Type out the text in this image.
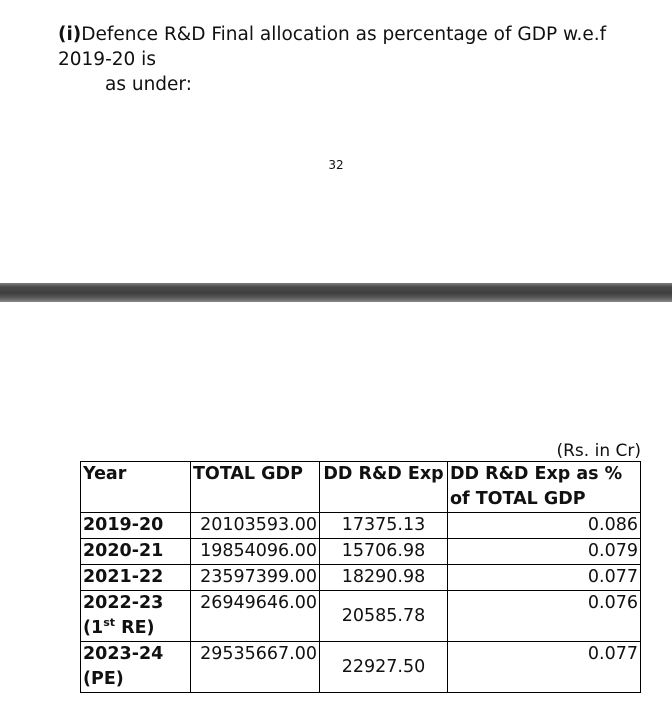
(i)Defence R&D Final allocation as percentage of GDP w.e.f 2019-20 is
as under:
32
(Rs. in Cr)
Year	TOTAL GDP	DD R&D Exp	DD R&D Exp as %
of TOTAL GDP
2019-20	20103593.00	17375.13	0.086
2020-21	19854096.00	15706.98	0.079
2021-22	23597399.00	18290.98	0.077
2022-23
(1st RE)	26949646.00	20585.78	0.076
2023-24
(PE)	29535667.00	22927.50	0.077
